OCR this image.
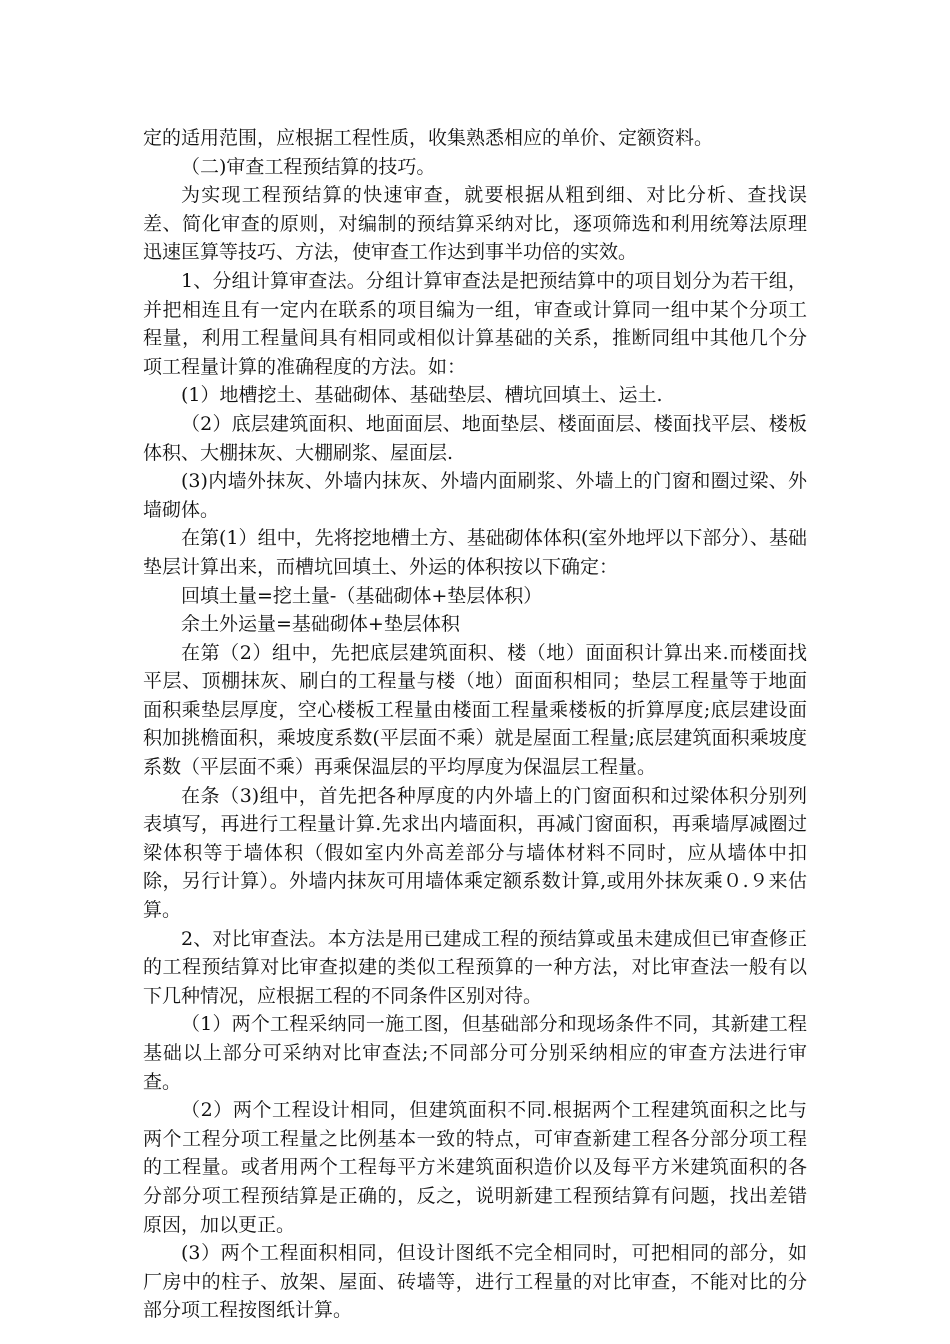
定的适用范围，应根据工程性质，收集熟悉相应的单价、定额资料。

（二)审查工程预结算的技巧。

为实现工程预结算的快速审查，就要根据从粗到细、对比分析、查找误差、简化审查的原则，对编制的预结算采纳对比，逐项筛选和利用统筹法原理迅速匡算等技巧、方法，使审查工作达到事半功倍的实效。

1、分组计算审查法。分组计算审查法是把预结算中的项目划分为若干组，并把相连且有一定内在联系的项目编为一组，审查或计算同一组中某个分项工程量，利用工程量间具有相同或相似计算基础的关系，推断同组中其他几个分项工程量计算的准确程度的方法。如：

(1）地槽挖土、基础砌体、基础垫层、槽坑回填土、运土.

（2）底层建筑面积、地面面层、地面垫层、楼面面层、楼面找平层、楼板体积、大棚抹灰、大棚刷浆、屋面层.

(3)内墙外抹灰、外墙内抹灰、外墙内面刷浆、外墙上的门窗和圈过梁、外墙砌体。

在第(1）组中，先将挖地槽土方、基础砌体体积(室外地坪以下部分）、基础垫层计算出来，而槽坑回填土、外运的体积按以下确定：

回填土量=挖土量-（基础砌体+垫层体积）

余土外运量=基础砌体+垫层体积

在第（2）组中，先把底层建筑面积、楼（地）面面积计算出来.而楼面找平层、顶棚抹灰、刷白的工程量与楼（地）面面积相同；垫层工程量等于地面面积乘垫层厚度，空心楼板工程量由楼面工程量乘楼板的折算厚度;底层建设面积加挑檐面积，乘坡度系数(平层面不乘）就是屋面工程量;底层建筑面积乘坡度系数（平层面不乘）再乘保温层的平均厚度为保温层工程量。

在条（3)组中，首先把各种厚度的内外墙上的门窗面积和过梁体积分别列表填写，再进行工程量计算.先求出内墙面积，再减门窗面积，再乘墙厚减圈过梁体积等于墙体积（假如室内外高差部分与墙体材料不同时，应从墙体中扣除，另行计算）。外墙内抹灰可用墙体乘定额系数计算,或用外抹灰乘０.９来估算。

2、对比审查法。本方法是用已建成工程的预结算或虽未建成但已审查修正的工程预结算对比审查拟建的类似工程预算的一种方法，对比审查法一般有以下几种情况，应根据工程的不同条件区别对待。

（1）两个工程采纳同一施工图，但基础部分和现场条件不同，其新建工程基础以上部分可采纳对比审查法;不同部分可分别采纳相应的审查方法进行审查。

（2）两个工程设计相同，但建筑面积不同.根据两个工程建筑面积之比与两个工程分项工程量之比例基本一致的特点，可审查新建工程各分部分项工程的工程量。或者用两个工程每平方米建筑面积造价以及每平方米建筑面积的各分部分项工程预结算是正确的，反之，说明新建工程预结算有问题，找出差错原因，加以更正。

(3）两个工程面积相同，但设计图纸不完全相同时，可把相同的部分，如厂房中的柱子、放架、屋面、砖墙等，进行工程量的对比审查，不能对比的分部分项工程按图纸计算。
